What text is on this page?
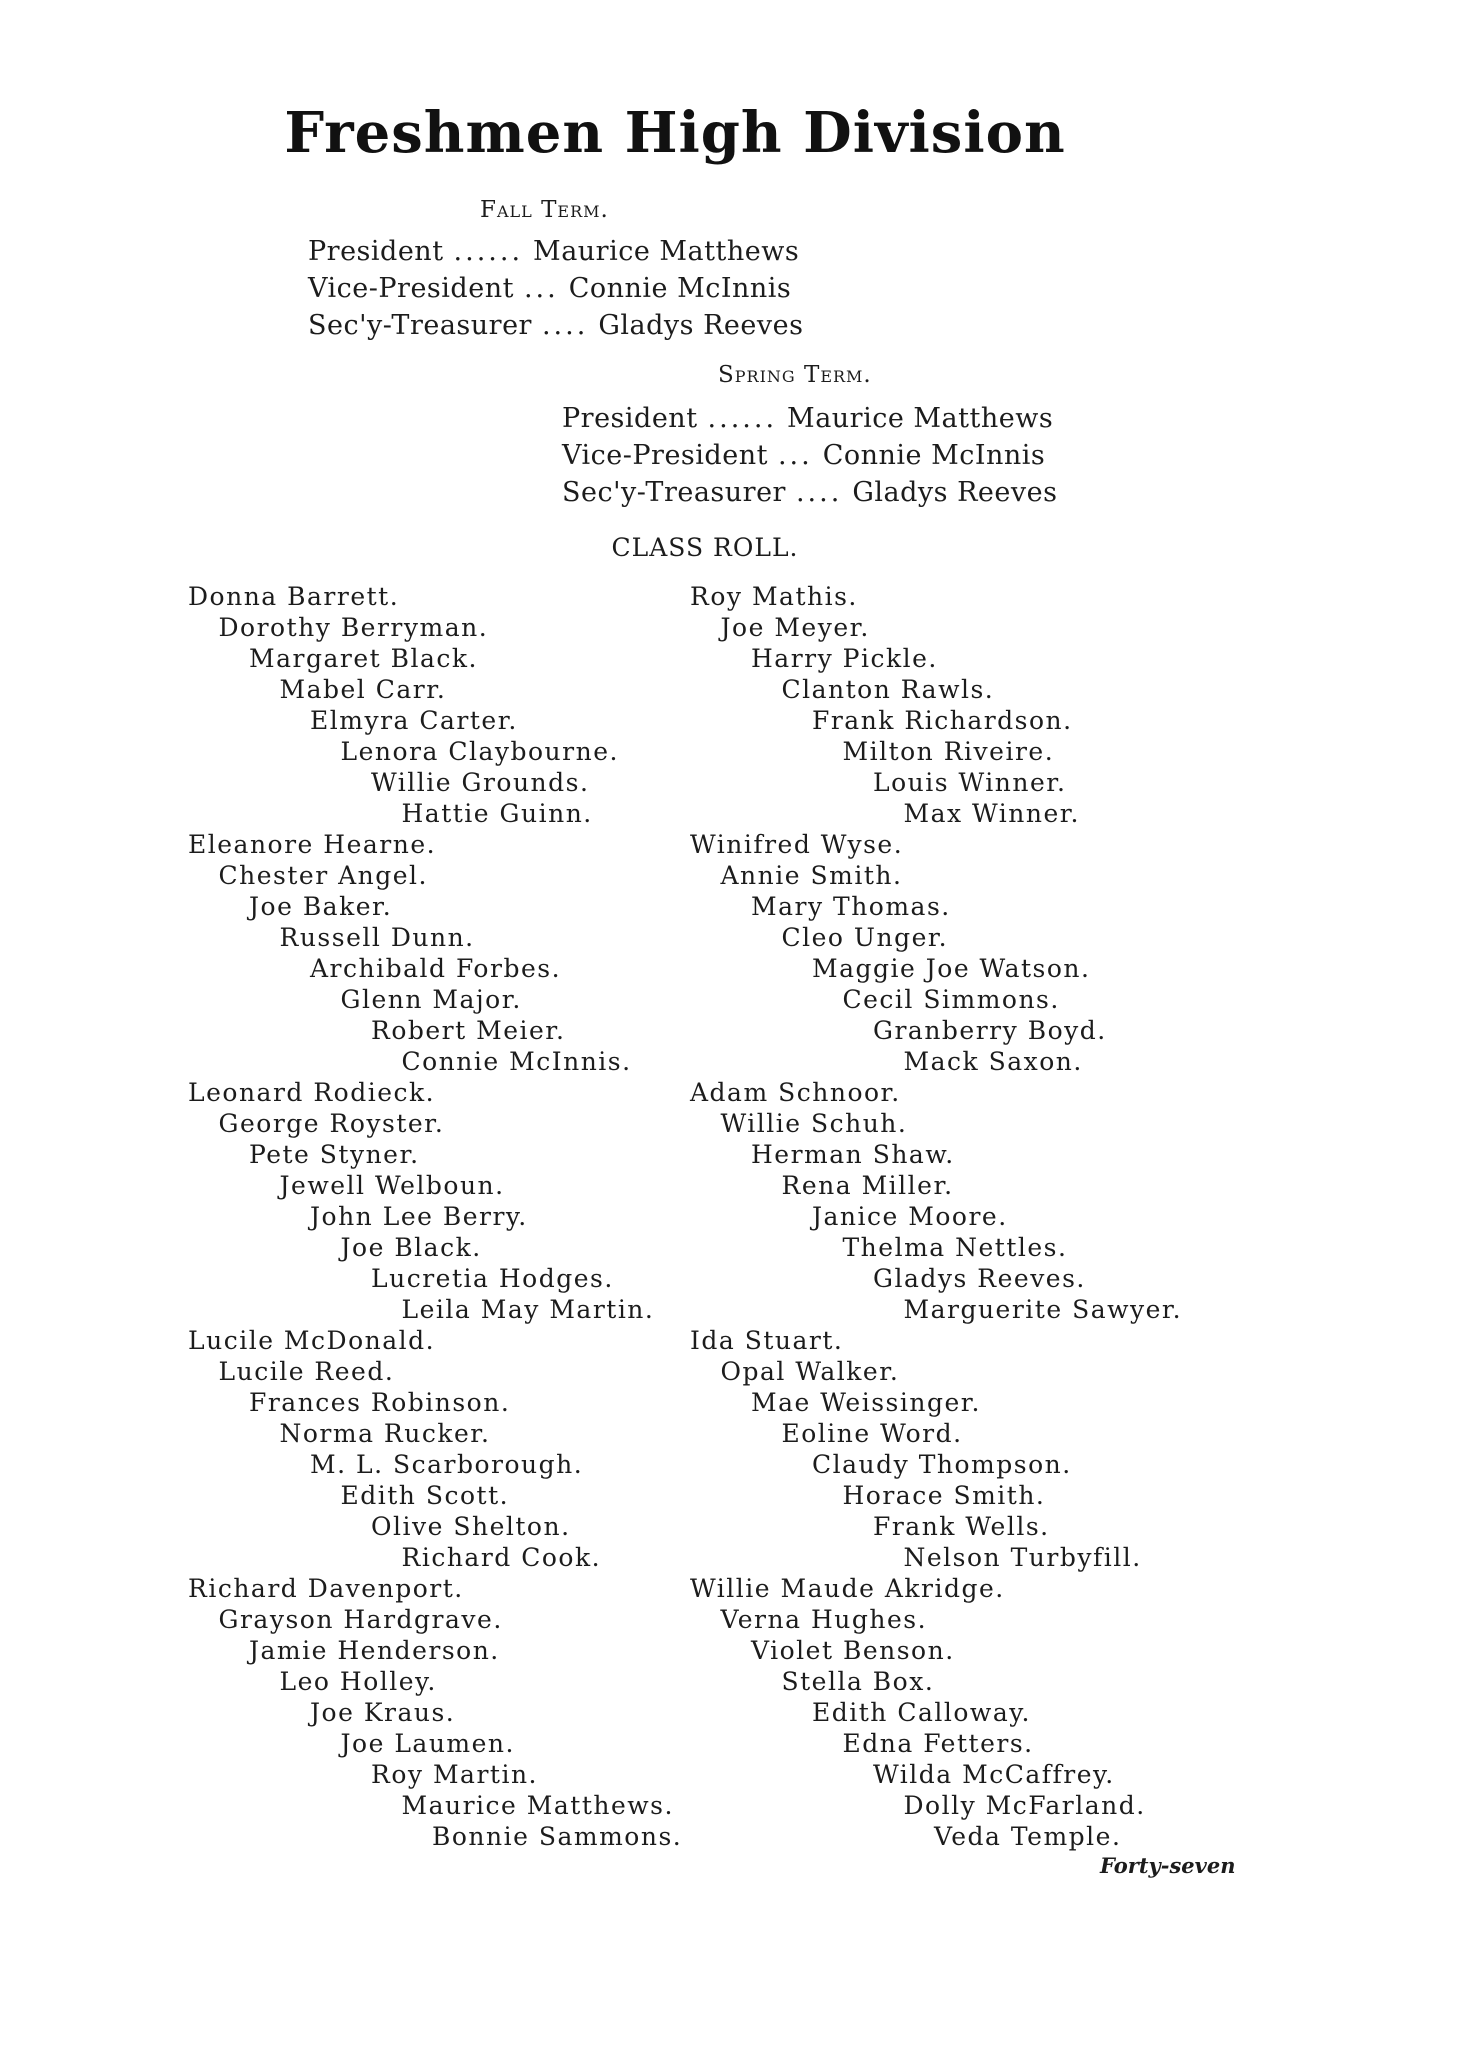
Freshmen High Division
Fall Term.
President ...... Maurice Matthews
Vice-President ... Connie McInnis
Sec'y-Treasurer .... Gladys Reeves
Spring Term.
President ...... Maurice Matthews
Vice-President ... Connie McInnis
Sec'y-Treasurer .... Gladys Reeves
CLASS ROLL.
Donna Barrett.
Dorothy Berryman.
Margaret Black.
Mabel Carr.
Elmyra Carter.
Lenora Claybourne.
Willie Grounds.
Hattie Guinn.
Eleanore Hearne.
Chester Angel.
Joe Baker.
Russell Dunn.
Archibald Forbes.
Glenn Major.
Robert Meier.
Connie McInnis.
Leonard Rodieck.
George Royster.
Pete Styner.
Jewell Welboun.
John Lee Berry.
Joe Black.
Lucretia Hodges.
Leila May Martin.
Lucile McDonald.
Lucile Reed.
Frances Robinson.
Norma Rucker.
M. L. Scarborough.
Edith Scott.
Olive Shelton.
Richard Cook.
Richard Davenport.
Grayson Hardgrave.
Jamie Henderson.
Leo Holley.
Joe Kraus.
Joe Laumen.
Roy Martin.
Maurice Matthews.
Bonnie Sammons.
Roy Mathis.
Joe Meyer.
Harry Pickle.
Clanton Rawls.
Frank Richardson.
Milton Riveire.
Louis Winner.
Max Winner.
Winifred Wyse.
Annie Smith.
Mary Thomas.
Cleo Unger.
Maggie Joe Watson.
Cecil Simmons.
Granberry Boyd.
Mack Saxon.
Adam Schnoor.
Willie Schuh.
Herman Shaw.
Rena Miller.
Janice Moore.
Thelma Nettles.
Gladys Reeves.
Marguerite Sawyer.
Ida Stuart.
Opal Walker.
Mae Weissinger.
Eoline Word.
Claudy Thompson.
Horace Smith.
Frank Wells.
Nelson Turbyfill.
Willie Maude Akridge.
Verna Hughes.
Violet Benson.
Stella Box.
Edith Calloway.
Edna Fetters.
Wilda McCaffrey.
Dolly McFarland.
Veda Temple.
Forty-seven
